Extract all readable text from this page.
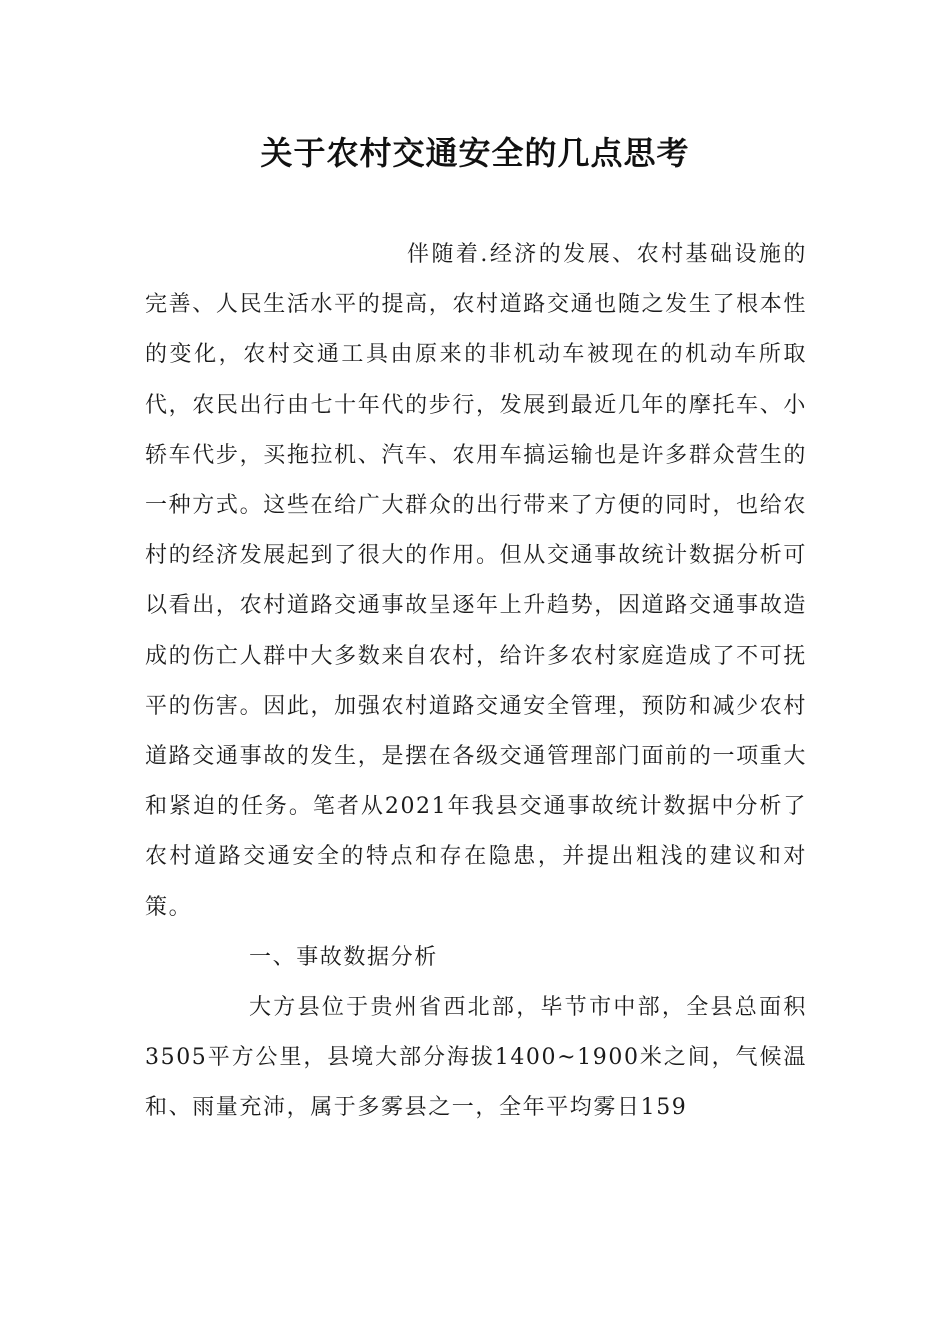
关于农村交通安全的几点思考

伴随着.经济的发展、农村基础设施的完善、人民生活水平的提高，农村道路交通也随之发生了根本性的变化，农村交通工具由原来的非机动车被现在的机动车所取代，农民出行由七十年代的步行，发展到最近几年的摩托车、小轿车代步，买拖拉机、汽车、农用车搞运输也是许多群众营生的一种方式。这些在给广大群众的出行带来了方便的同时，也给农村的经济发展起到了很大的作用。但从交通事故统计数据分析可以看出，农村道路交通事故呈逐年上升趋势，因道路交通事故造成的伤亡人群中大多数来自农村，给许多农村家庭造成了不可抚平的伤害。因此，加强农村道路交通安全管理，预防和减少农村道路交通事故的发生，是摆在各级交通管理部门面前的一项重大和紧迫的任务。笔者从2021年我县交通事故统计数据中分析了农村道路交通安全的特点和存在隐患，并提出粗浅的建议和对策。

一、事故数据分析

大方县位于贵州省西北部，毕节市中部，全县总面积3505平方公里，县境大部分海拔1400~1900米之间，气候温和、雨量充沛，属于多雾县之一，全年平均雾日159
